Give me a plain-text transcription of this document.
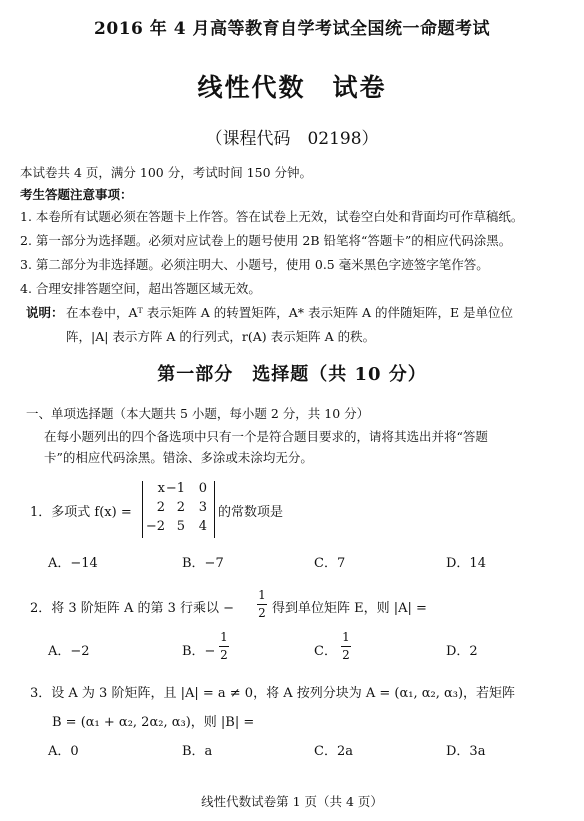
2016 年 4 月高等教育自学考试全国统一命题考试
线性代数　试卷
（课程代码　02198）
本试卷共 4 页，满分 100 分，考试时间 150 分钟。
考生答题注意事项：
1. 本卷所有试题必须在答题卡上作答。答在试卷上无效，试卷空白处和背面均可作草稿纸。
2. 第一部分为选择题。必须对应试卷上的题号使用 2B 铅笔将“答题卡”的相应代码涂黑。
3. 第二部分为非选择题。必须注明大、小题号，使用 0.5 毫米黑色字迹签字笔作答。
4. 合理安排答题空间，超出答题区域无效。
说明： 在本卷中，Aᵀ 表示矩阵 A 的转置矩阵，A* 表示矩阵 A 的伴随矩阵，E 是单位位
阵，|A| 表示方阵 A 的行列式，r(A) 表示矩阵 A 的秩。
第一部分　选择题（共 10 分）
一、单项选择题（本大题共 5 小题，每小题 2 分，共 10 分）
在每小题列出的四个备选项中只有一个是符合题目要求的，请将其选出并将“答题
卡”的相应代码涂黑。错涂、多涂或未涂均无分。
1．多项式 f(x) =
x −1	0
2 2	3
−2 5	4
的常数项是
A．−14	B．−7	C．7	D．14
2．将 3 阶矩阵 A 的第 3 行乘以 −
1
2 得到单位矩阵 E，则 |A| =
A．−2	B．−
1
2	C．
1
2	D．2
3．设 A 为 3 阶矩阵，且 |A| = a ≠ 0，将 A 按列分块为 A = (α₁, α₂, α₃)，若矩阵
B = (α₁ + α₂, 2α₂, α₃)，则 |B| =
A．0	B．a	C．2a	D．3a
线性代数试卷第 1 页（共 4 页）
